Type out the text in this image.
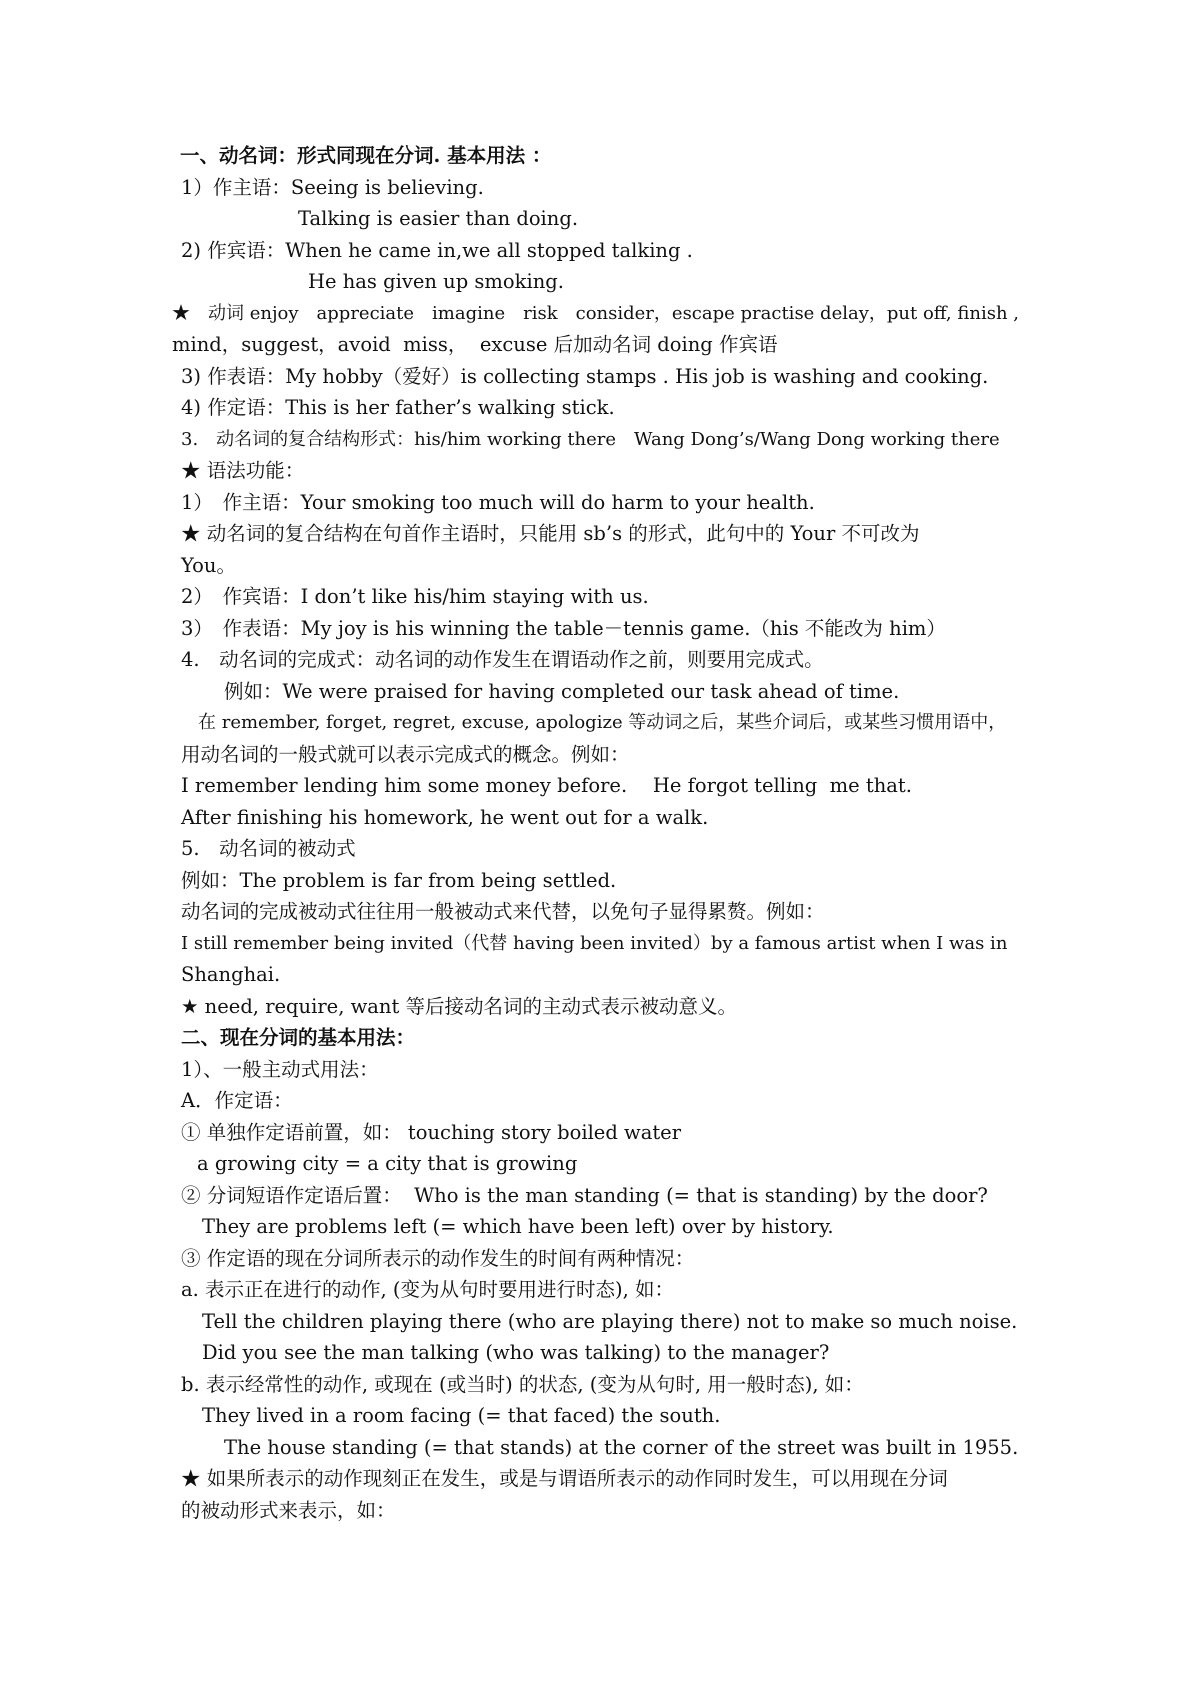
一、动名词：形式同现在分词. 基本用法 ：
1）作主语：Seeing is believing.
Talking is easier than doing.
2) 作宾语：When he came in,we all stopped talking .
He has given up smoking.
★　动词 enjoy　appreciate　imagine　risk　consider，escape practise delay，put off, finish ,
mind，suggest，avoid  miss，  excuse 后加动名词 doing 作宾语
3) 作表语：My hobby（爱好）is collecting stamps . His job is washing and cooking.
4) 作定语：This is her father’s walking stick.
3.　动名词的复合结构形式：his/him working there　Wang Dong’s/Wang Dong working there
★ 语法功能：
1）　作主语：Your smoking too much will do harm to your health.
★ 动名词的复合结构在句首作主语时，只能用 sb’s 的形式，此句中的 Your 不可改为
You。
2）　作宾语：I don’t like his/him staying with us.
3）　作表语：My joy is his winning the table－tennis game.（his 不能改为 him）
4.　动名词的完成式：动名词的动作发生在谓语动作之前，则要用完成式。
例如：We were praised for having completed our task ahead of time.
在 remember, forget, regret, excuse, apologize 等动词之后，某些介词后，或某些习惯用语中，
用动名词的一般式就可以表示完成式的概念。例如：
I remember lending him some money before.　 He forgot telling  me that.
After finishing his homework, he went out for a walk.
5.　动名词的被动式
例如：The problem is far from being settled.
动名词的完成被动式往往用一般被动式来代替，以免句子显得累赘。例如：
I still remember being invited（代替 having been invited）by a famous artist when I was in
Shanghai.
★ need, require, want 等后接动名词的主动式表示被动意义。
二、现在分词的基本用法：
1）、一般主动式用法：
A．作定语：
① 单独作定语前置，如： touching story boiled water
a growing city = a city that is growing
② 分词短语作定语后置：  Who is the man standing (= that is standing) by the door?
They are problems left (= which have been left) over by history.
③ 作定语的现在分词所表示的动作发生的时间有两种情况：
a. 表示正在进行的动作, (变为从句时要用进行时态), 如：
Tell the children playing there (who are playing there) not to make so much noise.
Did you see the man talking (who was talking) to the manager?
b. 表示经常性的动作, 或现在 (或当时) 的状态, (变为从句时, 用一般时态), 如：
They lived in a room facing (= that faced) the south.
The house standing (= that stands) at the corner of the street was built in 1955.
★ 如果所表示的动作现刻正在发生，或是与谓语所表示的动作同时发生，可以用现在分词
的被动形式来表示，如：
